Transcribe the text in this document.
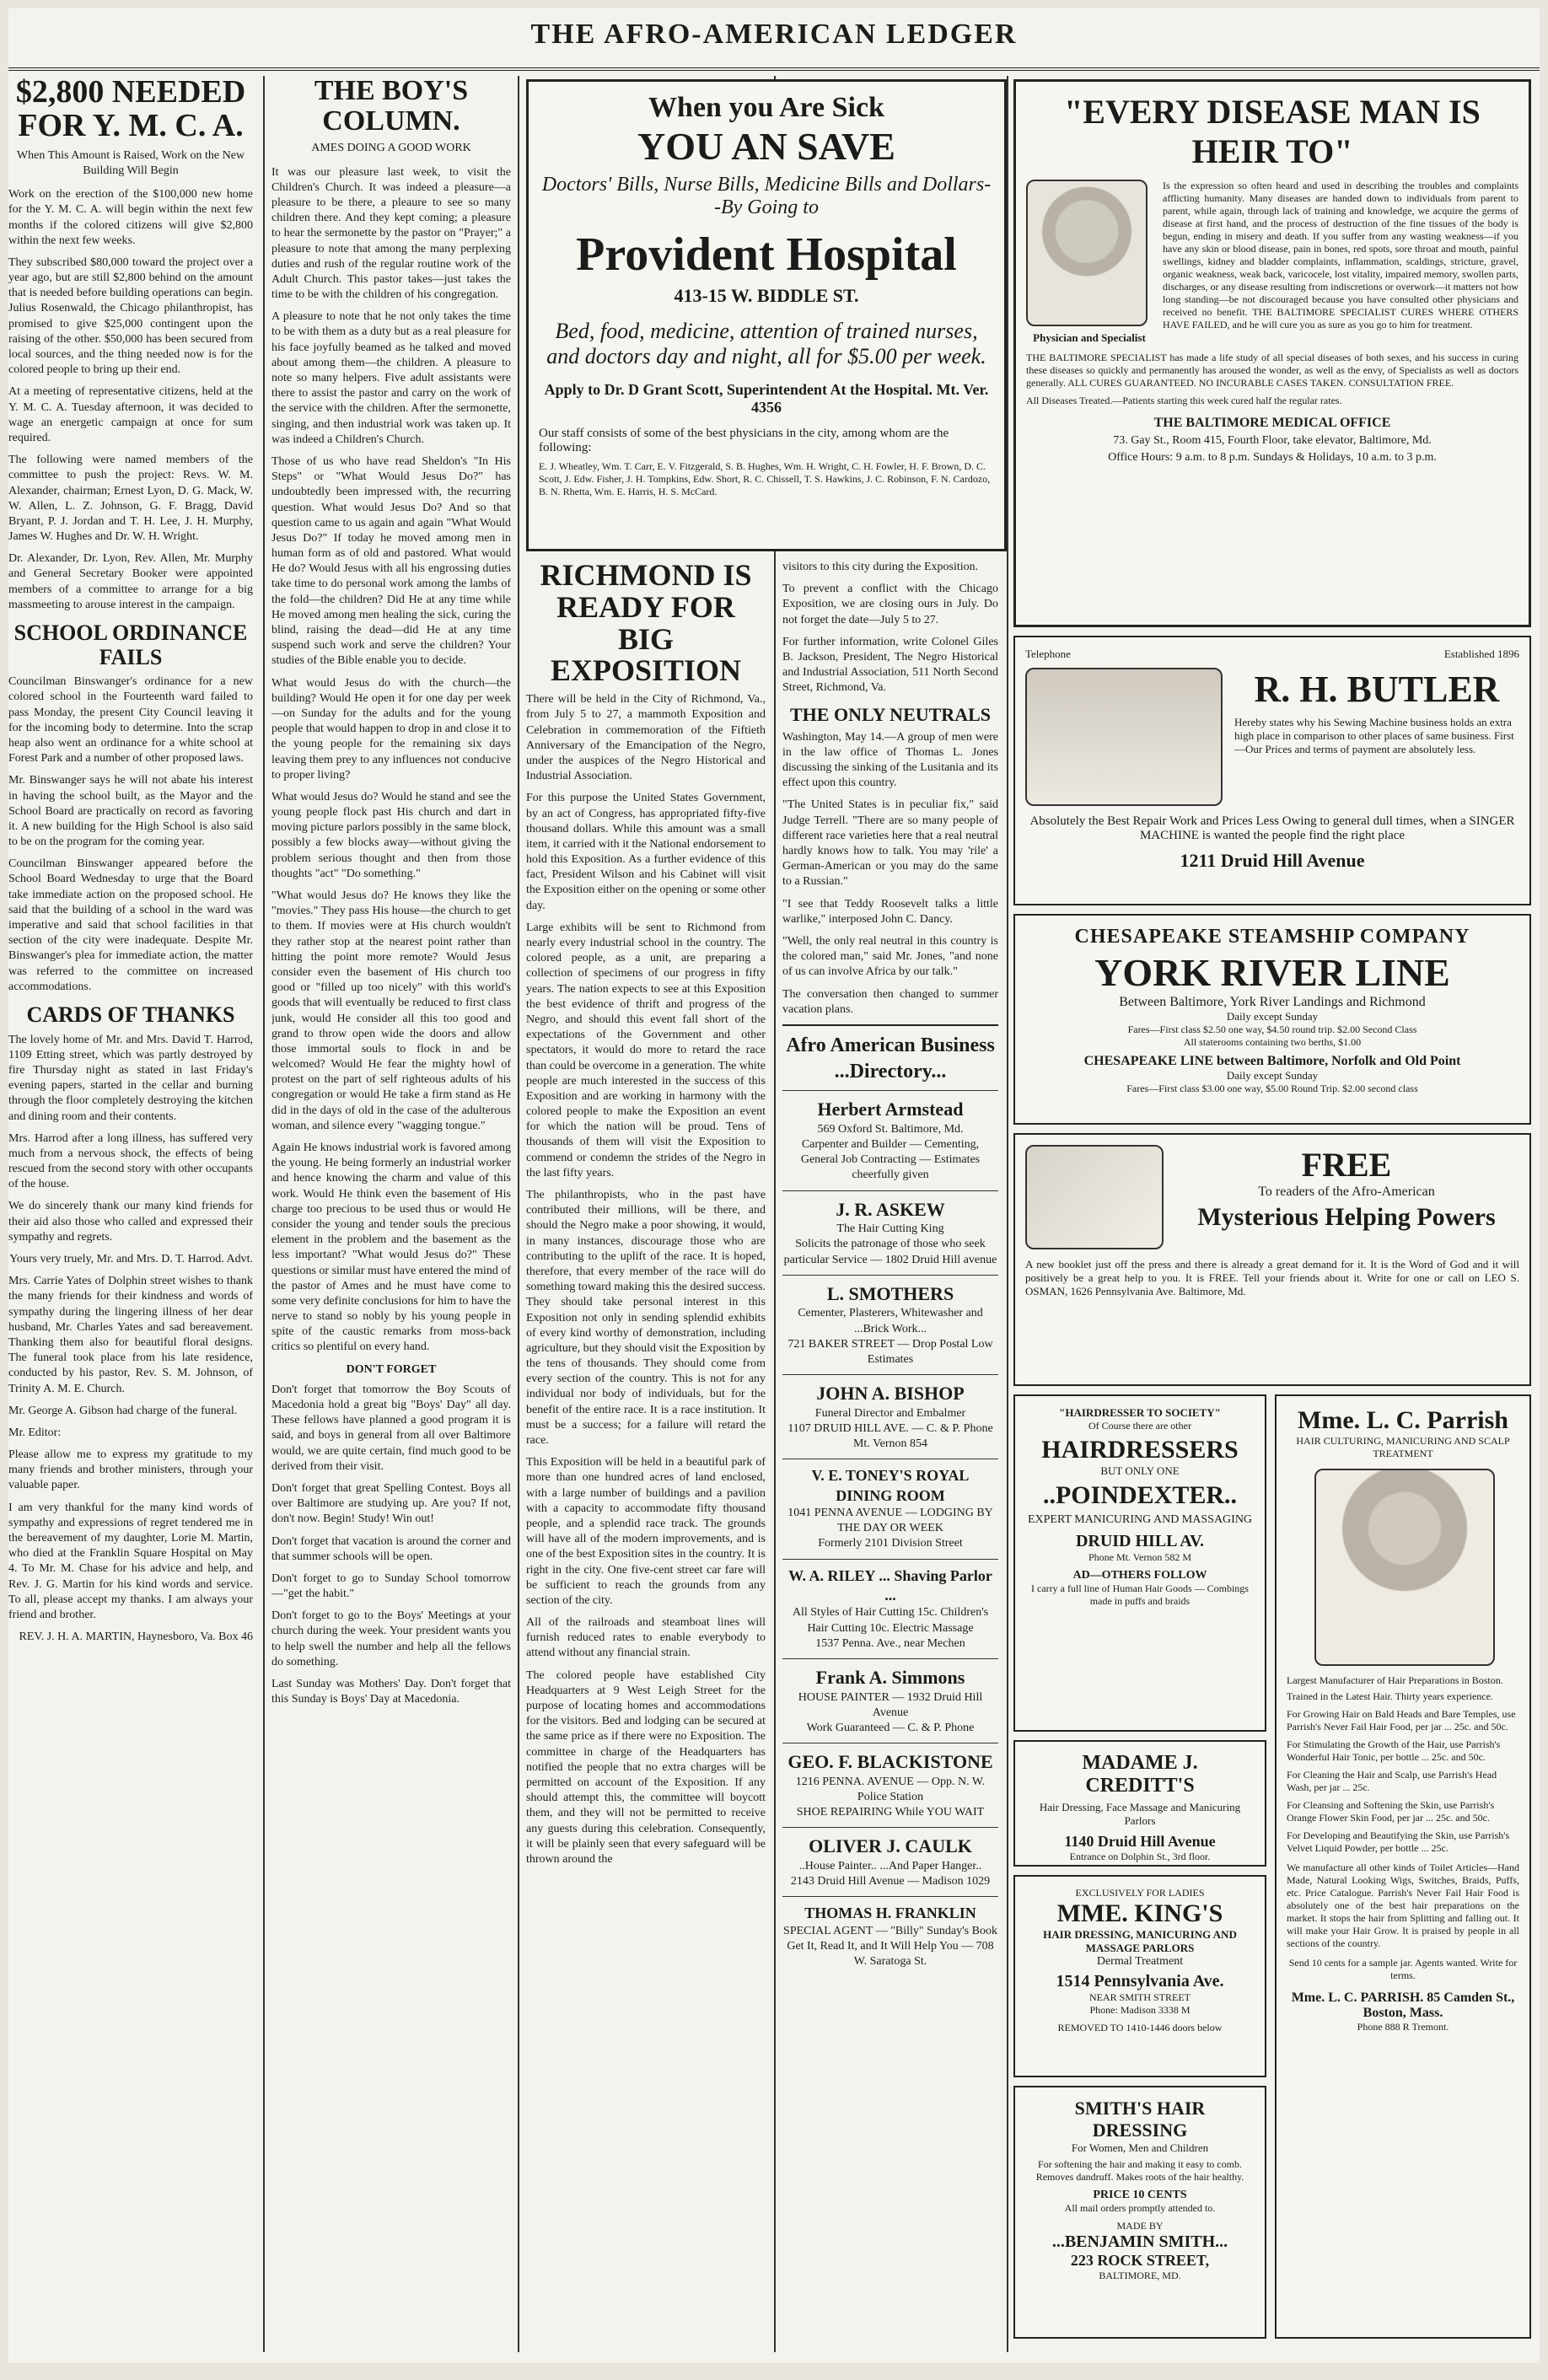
THE AFRO-AMERICAN LEDGER
$2,800 NEEDED FOR Y. M. C. A.
When This Amount is Raised, Work on the New Building Will Begin

Work on the erection of the $100,000 new home for the Y. M. C. A. will begin within the next few months if the colored citizens will give $2,800 within the next few weeks.

They subscribed $80,000 toward the project over a year ago, but are still $2,800 behind on the amount that is needed before building operations can begin. Julius Rosenwald, the Chicago philanthropist, has promised to give $25,000 contingent upon the raising of the other. $50,000 has been secured from local sources, and the thing needed now is for the colored people to bring up their end.

At a meeting of representative citizens, held at the Y. M. C. A. Tuesday afternoon, it was decided to wage an energetic campaign at once for sum required.

The following were named members of the committee to push the project: Revs. W. M. Alexander, chairman; Ernest Lyon, D. G. Mack, W. W. Allen, L. Z. Johnson, G. F. Bragg, David Bryant, P. J. Jordan and T. H. Lee, J. H. Murphy, James W. Hughes and Dr. W. H. Wright.

Dr. Alexander, Dr. Lyon, Rev. Allen, Mr. Murphy and General Secretary Booker were appointed members of a committee to arrange for a big massmeeting to arouse interest in the campaign.

SCHOOL ORDINANCE FAILS

Councilman Binswanger's ordinance for a new colored school in the Fourteenth ward failed to pass Monday, the present City Council leaving it for the incoming body to determine. Into the scrap heap also went an ordinance for a white school at Forest Park and a number of other proposed laws.

Mr. Binswanger says he will not abate his interest in having the school built, as the Mayor and the School Board are practically on record as favoring it. A new building for the High School is also said to be on the program for the coming year.

Councilman Binswanger appeared before the School Board Wednesday to urge that the Board take immediate action on the proposed school. He said that the building of a school in the ward was imperative and said that school facilities in that section of the city were inadequate. Despite Mr. Binswanger's plea for immediate action, the matter was referred to the committee on increased accommodations.

CARDS OF THANKS

The lovely home of Mr. and Mrs. David T. Harrod, 1109 Etting street, which was partly destroyed by fire Thursday night as stated in last Friday's evening papers, started in the cellar and burning through the floor completely destroying the kitchen and dining room and their contents.

Mrs. Harrod after a long illness, has suffered very much from a nervous shock, the effects of being rescued from the second story with other occupants of the house.

We do sincerely thank our many kind friends for their aid also those who called and expressed their sympathy and regrets.

Yours very truely, Mr. and Mrs. D. T. Harrod. Advt.

Mrs. Carrie Yates of Dolphin street wishes to thank the many friends for their kindness and words of sympathy during the lingering illness of her dear husband, Mr. Charles Yates and sad bereavement. Thanking them also for beautiful floral designs. The funeral took place from his late residence, conducted by his pastor, Rev. S. M. Johnson, of Trinity A. M. E. Church.

Mr. George A. Gibson had charge of the funeral.

Mr. Editor:

Please allow me to express my gratitude to my many friends and brother ministers, through your valuable paper.

I am very thankful for the many kind words of sympathy and expressions of regret tendered me in the bereavement of my daughter, Lorie M. Martin, who died at the Franklin Square Hospital on May 4. To Mr. M. Chase for his advice and help, and Rev. J. G. Martin for his kind words and service. To all, please accept my thanks. I am always your friend and brother.

REV. J. H. A. MARTIN, Haynesboro, Va. Box 46

THE BOY'S COLUMN.
AMES DOING A GOOD WORK

It was our pleasure last week, to visit the Children's Church. It was indeed a pleasure—a pleasure to be there, a pleaure to see so many children there. And they kept coming; a pleasure to hear the sermonette by the pastor on "Prayer;" a pleasure to note that among the many perplexing duties and rush of the regular routine work of the Adult Church. This pastor takes—just takes the time to be with the children of his congregation.

A pleasure to note that he not only takes the time to be with them as a duty but as a real pleasure for his face joyfully beamed as he talked and moved about among them—the children. A pleasure to note so many helpers. Five adult assistants were there to assist the pastor and carry on the work of the service with the children. After the sermonette, singing, and then industrial work was taken up. It was indeed a Children's Church.

Those of us who have read Sheldon's "In His Steps" or "What Would Jesus Do?" has undoubtedly been impressed with, the recurring question. What would Jesus Do? And so that question came to us again and again "What Would Jesus Do?" If today he moved among men in human form as of old and pastored. What would He do? Would Jesus with all his engrossing duties take time to do personal work among the lambs of the fold—the children? Did He at any time while He moved among men healing the sick, curing the blind, raising the dead—did He at any time suspend such work and serve the children? Your studies of the Bible enable you to decide.

What would Jesus do with the church—the building? Would He open it for one day per week—on Sunday for the adults and for the young people that would happen to drop in and close it to the young people for the remaining six days leaving them prey to any influences not conducive to proper living?

What would Jesus do? Would he stand and see the young people flock past His church and dart in moving picture parlors possibly in the same block, possibly a few blocks away—without giving the problem serious thought and then from those thoughts "act" "Do something."

"What would Jesus do? He knows they like the "movies." They pass His house—the church to get to them. If movies were at His church wouldn't they rather stop at the nearest point rather than hitting the point more remote? Would Jesus consider even the basement of His church too good or "filled up too nicely" with this world's goods that will eventually be reduced to first class junk, would He consider all this too good and grand to throw open wide the doors and allow those immortal souls to flock in and be welcomed? Would He fear the mighty howl of protest on the part of self righteous adults of his congregation or would He take a firm stand as He did in the days of old in the case of the adulterous woman, and silence every "wagging tongue."

Again He knows industrial work is favored among the young. He being formerly an industrial worker and hence knowing the charm and value of this work. Would He think even the basement of His charge too precious to be used thus or would He consider the young and tender souls the precious element in the problem and the basement as the less important? "What would Jesus do?" These questions or similar must have entered the mind of the pastor of Ames and he must have come to some very definite conclusions for him to have the nerve to stand so nobly by his young people in spite of the caustic remarks from moss-back critics so plentiful on every hand.

DON'T FORGET

Don't forget that tomorrow the Boy Scouts of Macedonia hold a great big "Boys' Day" all day. These fellows have planned a good program it is said, and boys in general from all over Baltimore would, we are quite certain, find much good to be derived from their visit.

Don't forget that great Spelling Contest. Boys all over Baltimore are studying up. Are you? If not, don't now. Begin! Study! Win out!

Don't forget that vacation is around the corner and that summer schools will be open.

Don't forget to go to Sunday School tomorrow—"get the habit."

Don't forget to go to the Boys' Meetings at your church during the week. Your president wants you to help swell the number and help all the fellows do something.

Last Sunday was Mothers' Day. Don't forget that this Sunday is Boys' Day at Macedonia.

When you Are Sick
YOU AN SAVE
Doctors' Bills, Nurse Bills, Medicine Bills and Dollars--By Going to
Provident Hospital
413-15 W. BIDDLE ST.
Bed, food, medicine, attention of trained nurses, and doctors day and night, all for $5.00 per week.
Apply to Dr. D Grant Scott, Superintendent At the Hospital. Mt. Ver. 4356
Our staff consists of some of the best physicians in the city, among whom are the following:
E. J. Wheatley, Wm. T. Carr, E. V. Fitzgerald, S. B. Hughes, Wm. H. Wright, C. H. Fowler, H. F. Brown, D. C. Scott, J. Edw. Fisher, J. H. Tompkins, Edw. Short, R. C. Chissell, T. S. Hawkins, J. C. Robinson, F. N. Cardozo, B. N. Rhetta, Wm. E. Harris, H. S. McCard.
"EVERY DISEASE MAN IS HEIR TO"
Physician and Specialist
Is the expression so often heard and used in describing the troubles and complaints afflicting humanity. Many diseases are handed down to individuals from parent to parent, while again, through lack of training and knowledge, we acquire the germs of disease at first hand, and the process of destruction of the fine tissues of the body is begun, ending in misery and death. If you suffer from any wasting weakness—if you have any skin or blood disease, pain in bones, red spots, sore throat and mouth, painful swellings, kidney and bladder complaints, inflammation, scaldings, stricture, gravel, organic weakness, weak back, varicocele, lost vitality, impaired memory, swollen parts, discharges, or any disease resulting from indiscretions or overwork—it matters not how long standing—be not discouraged because you have consulted other physicians and received no benefit. THE BALTIMORE SPECIALIST CURES WHERE OTHERS HAVE FAILED, and he will cure you as sure as you go to him for treatment.
THE BALTIMORE SPECIALIST has made a life study of all special diseases of both sexes, and his success in curing these diseases so quickly and permanently has aroused the wonder, as well as the envy, of Specialists as well as doctors generally. ALL CURES GUARANTEED. NO INCURABLE CASES TAKEN. CONSULTATION FREE.
All Diseases Treated.—Patients starting this week cured half the regular rates.
THE BALTIMORE MEDICAL OFFICE
73. Gay St., Room 415, Fourth Floor, take elevator, Baltimore, Md.
Office Hours: 9 a.m. to 8 p.m. Sundays & Holidays, 10 a.m. to 3 p.m.
RICHMOND IS READY FOR BIG EXPOSITION

There will be held in the City of Richmond, Va., from July 5 to 27, a mammoth Exposition and Celebration in commemoration of the Fiftieth Anniversary of the Emancipation of the Negro, under the auspices of the Negro Historical and Industrial Association.

For this purpose the United States Government, by an act of Congress, has appropriated fifty-five thousand dollars. While this amount was a small item, it carried with it the National endorsement to hold this Exposition. As a further evidence of this fact, President Wilson and his Cabinet will visit the Exposition either on the opening or some other day.

Large exhibits will be sent to Richmond from nearly every industrial school in the country. The colored people, as a unit, are preparing a collection of specimens of our progress in fifty years. The nation expects to see at this Exposition the best evidence of thrift and progress of the Negro, and should this event fall short of the expectations of the Government and other spectators, it would do more to retard the race than could be overcome in a generation. The white people are much interested in the success of this Exposition and are working in harmony with the colored people to make the Exposition an event for which the nation will be proud. Tens of thousands of them will visit the Exposition to commend or condemn the strides of the Negro in the last fifty years.

The philanthropists, who in the past have contributed their millions, will be there, and should the Negro make a poor showing, it would, in many instances, discourage those who are contributing to the uplift of the race. It is hoped, therefore, that every member of the race will do something toward making this the desired success. They should take personal interest in this Exposition not only in sending splendid exhibits of every kind worthy of demonstration, including agriculture, but they should visit the Exposition by the tens of thousands. They should come from every section of the country. This is not for any individual nor body of individuals, but for the benefit of the entire race. It is a race institution. It must be a success; for a failure will retard the race.

This Exposition will be held in a beautiful park of more than one hundred acres of land enclosed, with a large number of buildings and a pavilion with a capacity to accommodate fifty thousand people, and a splendid race track. The grounds will have all of the modern improvements, and is one of the best Exposition sites in the country. It is right in the city. One five-cent street car fare will be sufficient to reach the grounds from any section of the city.

All of the railroads and steamboat lines will furnish reduced rates to enable everybody to attend without any financial strain.

The colored people have established City Headquarters at 9 West Leigh Street for the purpose of locating homes and accommodations for the visitors. Bed and lodging can be secured at the same price as if there were no Exposition. The committee in charge of the Headquarters has notified the people that no extra charges will be permitted on account of the Exposition. If any should attempt this, the committee will boycott them, and they will not be permitted to receive any guests during this celebration. Consequently, it will be plainly seen that every safeguard will be thrown around the

visitors to this city during the Exposition.

To prevent a conflict with the Chicago Exposition, we are closing ours in July. Do not forget the date—July 5 to 27.

For further information, write Colonel Giles B. Jackson, President, The Negro Historical and Industrial Association, 511 North Second Street, Richmond, Va.

THE ONLY NEUTRALS

Washington, May 14.—A group of men were in the law office of Thomas L. Jones discussing the sinking of the Lusitania and its effect upon this country.

"The United States is in peculiar fix," said Judge Terrell. "There are so many people of different race varieties here that a real neutral hardly knows how to talk. You may 'rile' a German-American or you may do the same to a Russian."

"I see that Teddy Roosevelt talks a little warlike," interposed John C. Dancy.

"Well, the only real neutral in this country is the colored man," said Mr. Jones, "and none of us can involve Africa by our talk."

The conversation then changed to summer vacation plans.

Afro American Business ...Directory...
Herbert Armstead
569 Oxford St. Baltimore, Md.
Carpenter and Builder — Cementing, General Job Contracting — Estimates cheerfully given
J. R. ASKEW
The Hair Cutting King
Solicits the patronage of those who seek particular Service — 1802 Druid Hill avenue
L. SMOTHERS
Cementer, Plasterers, Whitewasher and ...Brick Work...
721 BAKER STREET — Drop Postal Low Estimates
JOHN A. BISHOP
Funeral Director and Embalmer
1107 DRUID HILL AVE. — C. & P. Phone Mt. Vernon 854
V. E. TONEY'S ROYAL DINING ROOM
1041 PENNA AVENUE — LODGING BY THE DAY OR WEEK
Formerly 2101 Division Street
W. A. RILEY ... Shaving Parlor ...
All Styles of Hair Cutting 15c. Children's Hair Cutting 10c. Electric Massage
1537 Penna. Ave., near Mechen
Frank A. Simmons
HOUSE PAINTER — 1932 Druid Hill Avenue
Work Guaranteed — C. & P. Phone
GEO. F. BLACKISTONE
1216 PENNA. AVENUE — Opp. N. W. Police Station
SHOE REPAIRING While YOU WAIT
OLIVER J. CAULK
..House Painter.. ...And Paper Hanger..
2143 Druid Hill Avenue — Madison 1029
THOMAS H. FRANKLIN
SPECIAL AGENT — "Billy" Sunday's Book
Get It, Read It, and It Will Help You — 708 W. Saratoga St.
Telephone	Established 1896
R. H. BUTLER
Hereby states why his Sewing Machine business holds an extra high place in comparison to other places of same business. First—Our Prices and terms of payment are absolutely less.
Absolutely the Best Repair Work and Prices Less Owing to general dull times, when a SINGER MACHINE is wanted the people find the right place
1211 Druid Hill Avenue
CHESAPEAKE STEAMSHIP COMPANY
YORK RIVER LINE
Between Baltimore, York River Landings and Richmond
Daily except Sunday
Fares—First class $2.50 one way, $4.50 round trip. $2.00 Second Class
All staterooms containing two berths, $1.00
CHESAPEAKE LINE between Baltimore, Norfolk and Old Point
Daily except Sunday
Fares—First class $3.00 one way, $5.00 Round Trip. $2.00 second class
FREE
To readers of the Afro-American
Mysterious Helping Powers
A new booklet just off the press and there is already a great demand for it. It is the Word of God and it will positively be a great help to you. It is FREE. Tell your friends about it. Write for one or call on LEO S. OSMAN, 1626 Pennsylvania Ave. Baltimore, Md.
"HAIRDRESSER TO SOCIETY"
Of Course there are other
HAIRDRESSERS
BUT ONLY ONE
..POINDEXTER..
EXPERT MANICURING AND MASSAGING
DRUID HILL AV.
Phone Mt. Vernon 582 M
AD—OTHERS FOLLOW
I carry a full line of Human Hair Goods — Combings made in puffs and braids
MADAME J. CREDITT'S
Hair Dressing, Face Massage and Manicuring Parlors
1140 Druid Hill Avenue
Entrance on Dolphin St., 3rd floor.
EXCLUSIVELY FOR LADIES
MME. KING'S
HAIR DRESSING, MANICURING AND MASSAGE PARLORS
Dermal Treatment
1514 Pennsylvania Ave.
NEAR SMITH STREET
Phone: Madison 3338 M
REMOVED TO 1410-1446 doors below
SMITH'S HAIR DRESSING
For Women, Men and Children
For softening the hair and making it easy to comb. Removes dandruff. Makes roots of the hair healthy.
PRICE 10 CENTS
All mail orders promptly attended to.
MADE BY
...BENJAMIN SMITH...
223 ROCK STREET,
BALTIMORE, MD.
Mme. L. C. Parrish
HAIR CULTURING, MANICURING AND SCALP TREATMENT
Largest Manufacturer of Hair Preparations in Boston.
Trained in the Latest Hair. Thirty years experience.
For Growing Hair on Bald Heads and Bare Temples, use Parrish's Never Fail Hair Food, per jar ... 25c. and 50c.
For Stimulating the Growth of the Hair, use Parrish's Wonderful Hair Tonic, per bottle ... 25c. and 50c.
For Cleaning the Hair and Scalp, use Parrish's Head Wash, per jar ... 25c.
For Cleansing and Softening the Skin, use Parrish's Orange Flower Skin Food, per jar ... 25c. and 50c.
For Developing and Beautifying the Skin, use Parrish's Velvet Liquid Powder, per bottle ... 25c.
We manufacture all other kinds of Toilet Articles—Hand Made, Natural Looking Wigs, Switches, Braids, Puffs, etc. Price Catalogue. Parrish's Never Fail Hair Food is absolutely one of the best hair preparations on the market. It stops the hair from Splitting and falling out. It will make your Hair Grow. It is praised by people in all sections of the country.
Send 10 cents for a sample jar. Agents wanted. Write for terms.
Mme. L. C. PARRISH. 85 Camden St., Boston, Mass.
Phone 888 R Tremont.
